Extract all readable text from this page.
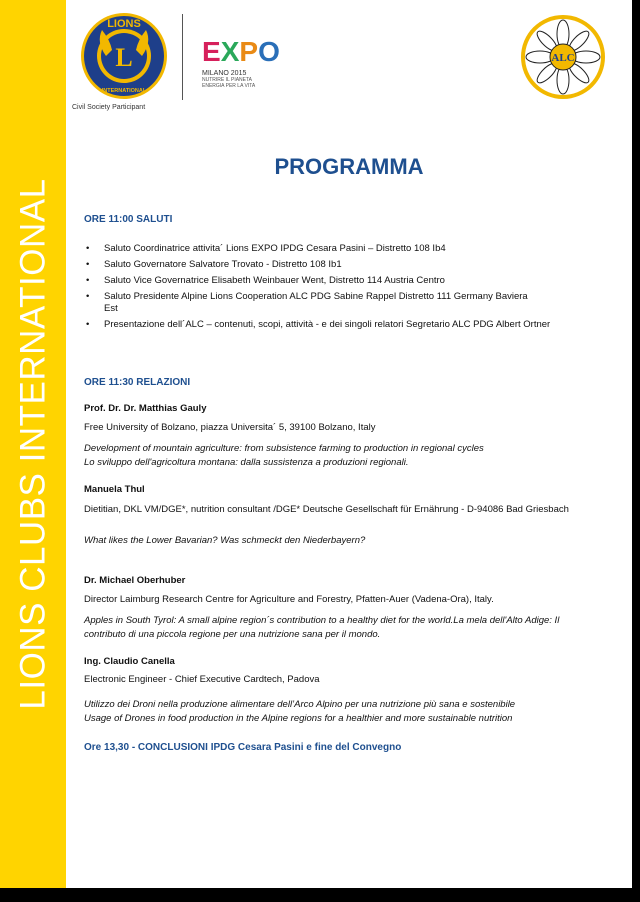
LIONS CLUBS INTERNATIONAL
L
LIONS
INTERNATIONAL
Civil Society Participant
E X P O
MILANO 2015
NUTRIRE IL PIANETA
ENERGIA PER LA VITA
ALC
PROGRAMMA
ORE 11:00 SALUTI
• Saluto Coordinatrice attivita´ Lions EXPO IPDG Cesara Pasini – Distretto 108 Ib4
• Saluto Governatore Salvatore Trovato - Distretto 108 Ib1
• Saluto Vice Governatrice Elisabeth Weinbauer Went, Distretto 114 Austria Centro
• Saluto Presidente Alpine Lions Cooperation ALC PDG Sabine Rappel Distretto 111 Germany Baviera Est
• Presentazione dell´ALC – contenuti, scopi, attività - e dei singoli relatori Segretario ALC PDG Albert Ortner
ORE 11:30 RELAZIONI
Prof. Dr. Dr. Matthias Gauly
Free University of Bolzano, piazza Universita´ 5, 39100 Bolzano, Italy
Development of mountain agriculture: from subsistence farming to production in regional cycles
Lo sviluppo dell'agricoltura montana: dalla sussistenza a produzioni regionali.
Manuela Thul
Dietitian, DKL VM/DGE*, nutrition consultant /DGE* Deutsche Gesellschaft für Ernährung - D-94086 Bad Griesbach
What likes the Lower Bavarian? Was schmeckt den Niederbayern?
Dr. Michael Oberhuber
Director Laimburg Research Centre for Agriculture and Forestry, Pfatten-Auer (Vadena-Ora), Italy.
Apples in South Tyrol: A small alpine region´s contribution to a healthy diet for the world.La mela dell'Alto Adige: Il contributo di una piccola regione per una nutrizione sana per il mondo.
Ing. Claudio Canella
Electronic Engineer - Chief Executive Cardtech, Padova
Utilizzo dei Droni nella produzione alimentare dell’Arco Alpino per una nutrizione più sana e sostenibile
Usage of Drones in food production in the Alpine regions for a healthier and more sustainable nutrition
Ore 13,30 - CONCLUSIONI IPDG Cesara Pasini e fine del Convegno
